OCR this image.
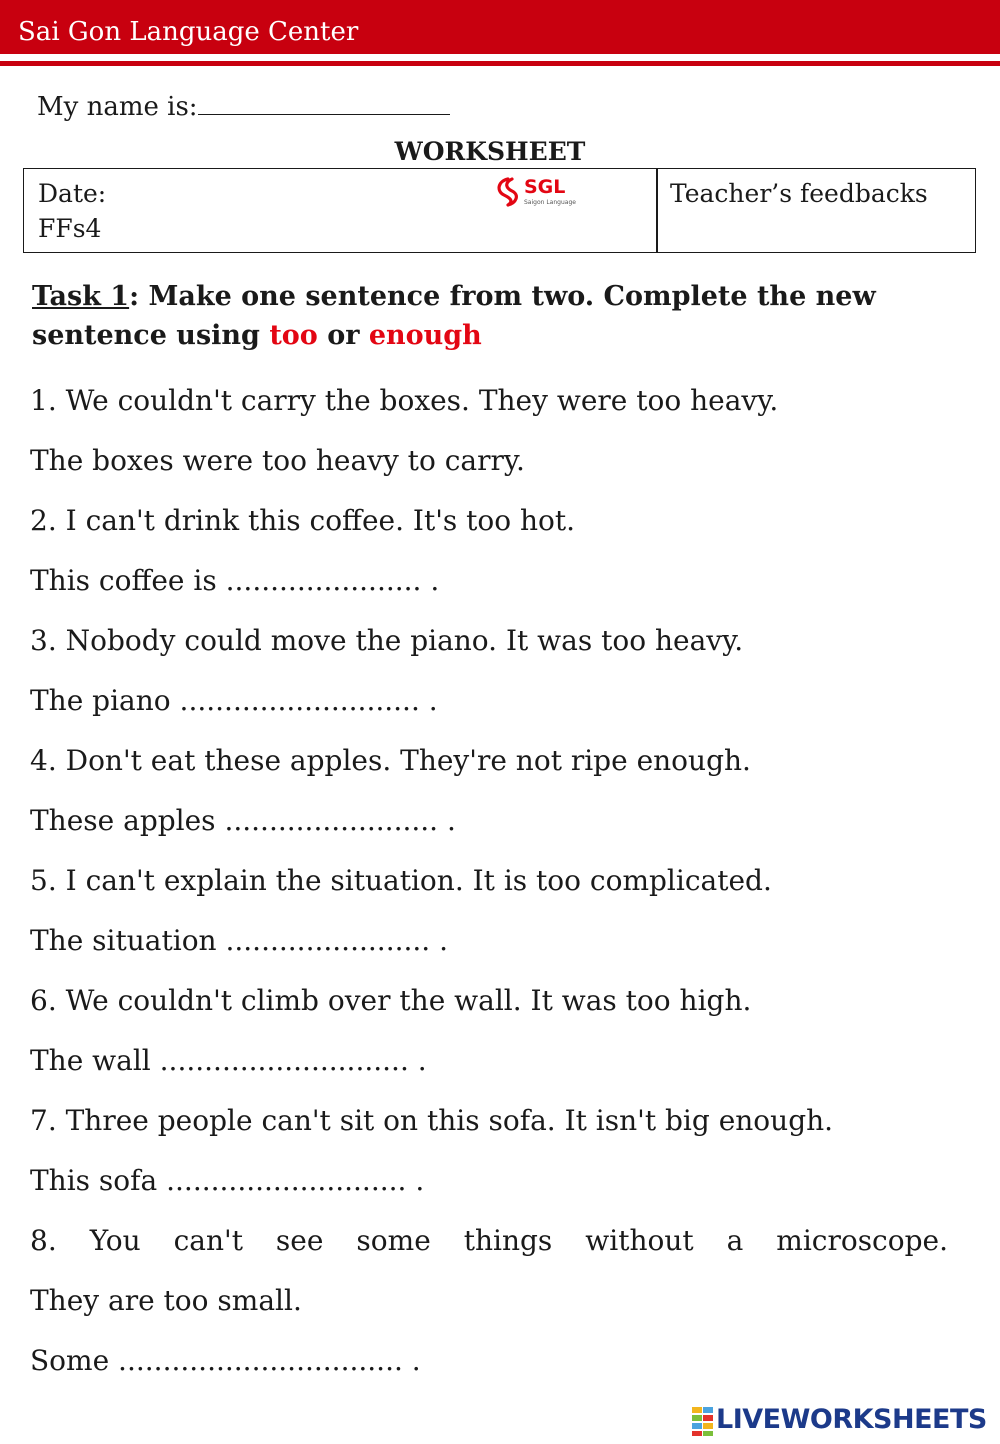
Sai Gon Language Center
My name is:
WORKSHEET
Date:
FFs4
SGL
Saigon Language	Teacher’s feedbacks
Task 1: Make one sentence from two. Complete the new sentence using too or enough
1. We couldn't carry the boxes. They were too heavy.
The boxes were too heavy to carry.
2. I can't drink this coffee. It's too hot.
This coffee is ...................... .
3. Nobody could move the piano. It was too heavy.
The piano ........................... .
4. Don't eat these apples. They're not ripe enough.
These apples ........................ .
5. I can't explain the situation. It is too complicated.
The situation ....................... .
6. We couldn't climb over the wall. It was too high.
The wall ............................ .
7. Three people can't sit on this sofa. It isn't big enough.
This sofa ........................... .
8. You can't see some things without a microscope.
They are too small.
Some ................................ .
LIVEWORKSHEETS
